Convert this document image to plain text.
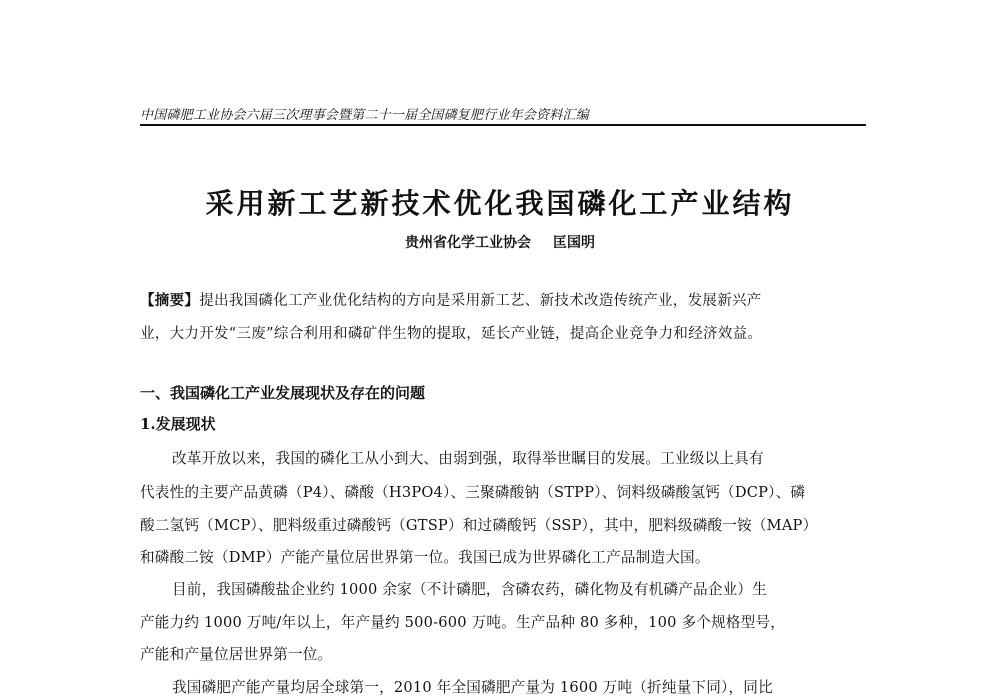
中国磷肥工业协会六届三次理事会暨第二十一届全国磷复肥行业年会资料汇编
采用新工艺新技术优化我国磷化工产业结构
贵州省化学工业协会 匡国明
【摘要】提出我国磷化工产业优化结构的方向是采用新工艺、新技术改造传统产业，发展新兴产
业，大力开发“三废”综合利用和磷矿伴生物的提取，延长产业链，提高企业竞争力和经济效益。
一、我国磷化工产业发展现状及存在的问题
1.发展现状
改革开放以来，我国的磷化工从小到大、由弱到强，取得举世瞩目的发展。工业级以上具有
代表性的主要产品黄磷（P4）、磷酸（H3PO4）、三聚磷酸钠（STPP）、饲料级磷酸氢钙（DCP）、磷
酸二氢钙（MCP）、肥料级重过磷酸钙（GTSP）和过磷酸钙（SSP），其中，肥料级磷酸一铵（MAP）
和磷酸二铵（DMP）产能产量位居世界第一位。我国已成为世界磷化工产品制造大国。
目前，我国磷酸盐企业约 1000 余家（不计磷肥，含磷农药，磷化物及有机磷产品企业）生
产能力约 1000 万吨/年以上，年产量约 500-600 万吨。生产品种 80 多种，100 多个规格型号，
产能和产量位居世界第一位。
我国磷肥产能产量均居全球第一，2010 年全国磷肥产量为 1600 万吨（折纯量下同），同比
